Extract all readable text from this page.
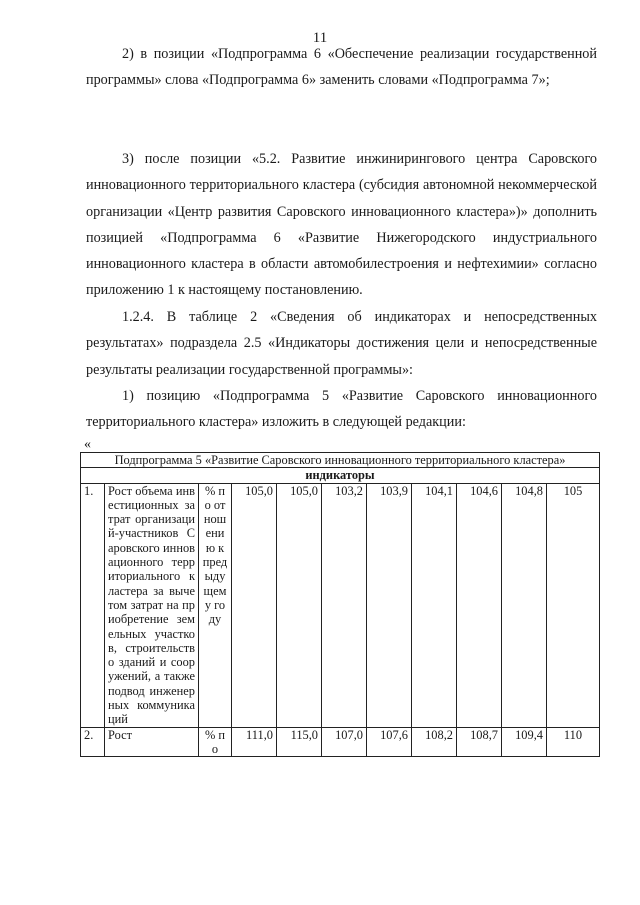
11

2) в позиции «Подпрограмма 6 «Обеспечение реализации государственной программы» слова «Подпрограмма 6» заменить словами «Подпрограмма 7»;

3) после позиции «5.2. Развитие инжинирингового центра Саровского инновационного территориального кластера (субсидия автономной некоммерческой организации «Центр развития Саровского инновационного кластера»)» дополнить позицией «Подпрограмма 6 «Развитие Нижегородского индустриального инновационного кластера в области автомобилестроения и нефтехимии» согласно приложению 1 к настоящему постановлению.

1.2.4. В таблице 2 «Сведения об индикаторах и непосредственных результатах» подраздела 2.5 «Индикаторы достижения цели и непосредственные результаты реализации государственной программы»:

1) позицию «Подпрограмма 5 «Развитие Саровского инновационного территориального кластера» изложить в следующей редакции:

«
Подпрограмма 5 «Развитие Саровского инновационного территориального кластера»										
индикаторы										
1.	Рост объема инвестиционных затрат организаций-участников Саровского инновационного территориального кластера за вычетом затрат на приобретение земельных участков, строительство зданий и сооружений, а также подвод инженерных коммуникаций	% по отношению к предыдущему году	105,0	105,0	103,2	103,9	104,1	104,6	104,8	105
2.	Рост	% по	111,0	115,0	107,0	107,6	108,2	108,7	109,4	110
